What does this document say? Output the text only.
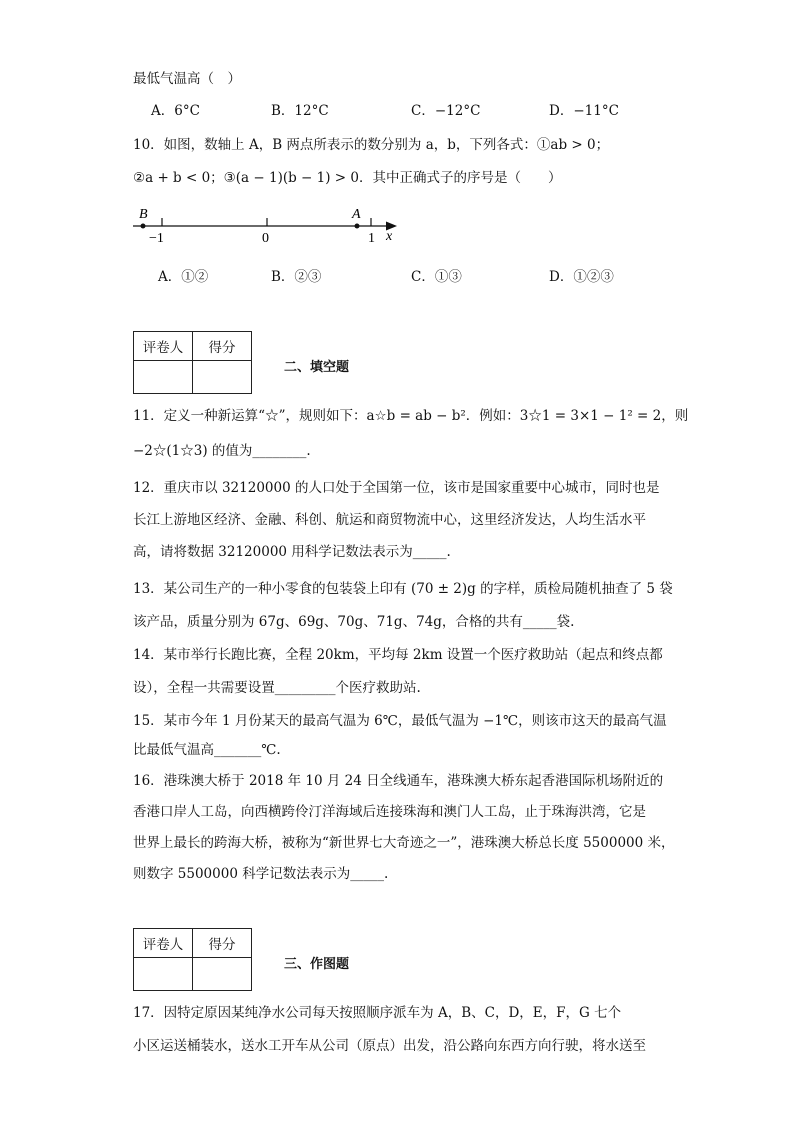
最低气温高（　）
A．6°C	B．12°C	C．−12°C	D．−11°C
10．如图，数轴上 A，B 两点所表示的数分别为 a，b，下列各式：①ab > 0；
②a + b < 0；③(a − 1)(b − 1) > 0．其中正确式子的序号是（　　）
B	A
−1	0	1 x
A．①②	B．②③	C．①③	D．①②③
评卷人	得分

二、填空题
11．定义一种新运算“☆”，规则如下：a☆b = ab − b²．例如：3☆1 = 3×1 − 1² = 2，则
−2☆(1☆3) 的值为________.
12．重庆市以 32120000 的人口处于全国第一位，该市是国家重要中心城市，同时也是
长江上游地区经济、金融、科创、航运和商贸物流中心，这里经济发达，人均生活水平
高，请将数据 32120000 用科学记数法表示为_____.
13．某公司生产的一种小零食的包装袋上印有 (70 ± 2)g 的字样，质检局随机抽查了 5 袋
该产品，质量分别为 67g、69g、70g、71g、74g，合格的共有_____袋.
14．某市举行长跑比赛，全程 20km，平均每 2km 设置一个医疗救助站（起点和终点都
设），全程一共需要设置_________个医疗救助站.
15．某市今年 1 月份某天的最高气温为 6℃，最低气温为 −1℃，则该市这天的最高气温
比最低气温高_______℃.
16．港珠澳大桥于 2018 年 10 月 24 日全线通车，港珠澳大桥东起香港国际机场附近的
香港口岸人工岛，向西横跨伶汀洋海域后连接珠海和澳门人工岛，止于珠海洪湾，它是
世界上最长的跨海大桥，被称为“新世界七大奇迹之一”，港珠澳大桥总长度 5500000 米，
则数字 5500000 科学记数法表示为_____.
评卷人	得分

三、作图题
17．因特定原因某纯净水公司每天按照顺序派车为 A，B、C，D，E，F，G 七个
小区运送桶装水，送水工开车从公司（原点）出发，沿公路向东西方向行驶，将水送至
